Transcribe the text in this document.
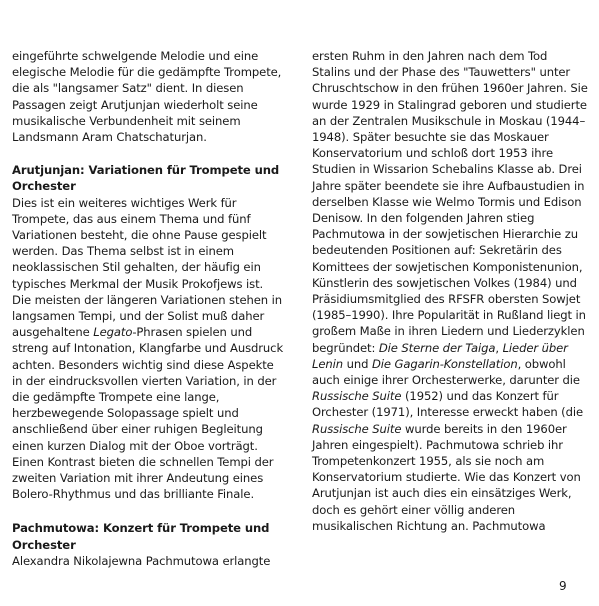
eingeführte schwelgende Melodie und eine elegische Melodie für die gedämpfte Trompete, die als "langsamer Satz" dient. In diesen Passagen zeigt Arutjunjan wiederholt seine musikalische Verbundenheit mit seinem Landsmann Aram Chatschaturjan.

Arutjunjan: Variationen für Trompete und Orchester

Dies ist ein weiteres wichtiges Werk für Trompete, das aus einem Thema und fünf Variationen besteht, die ohne Pause gespielt werden. Das Thema selbst ist in einem neoklassischen Stil gehalten, der häufig ein typisches Merkmal der Musik Prokofjews ist. Die meisten der längeren Variationen stehen in langsamen Tempi, und der Solist muß daher ausgehaltene Legato-Phrasen spielen und streng auf Intonation, Klangfarbe und Ausdruck achten. Besonders wichtig sind diese Aspekte in der eindrucksvollen vierten Variation, in der die gedämpfte Trompete eine lange, herzbewegende Solopassage spielt und anschließend über einer ruhigen Begleitung einen kurzen Dialog mit der Oboe vorträgt. Einen Kontrast bieten die schnellen Tempi der zweiten Variation mit ihrer Andeutung eines Bolero-Rhythmus und das brilliante Finale.

Pachmutowa: Konzert für Trompete und Orchester

Alexandra Nikolajewna Pachmutowa erlangte

ersten Ruhm in den Jahren nach dem Tod Stalins und der Phase des "Tauwetters" unter Chruschtschow in den frühen 1960er Jahren. Sie wurde 1929 in Stalingrad geboren und studierte an der Zentralen Musikschule in Moskau (1944–1948). Später besuchte sie das Moskauer Konservatorium und schloß dort 1953 ihre Studien in Wissarion Schebalins Klasse ab. Drei Jahre später beendete sie ihre Aufbaustudien in derselben Klasse wie Welmo Tormis und Edison Denisow. In den folgenden Jahren stieg Pachmutowa in der sowjetischen Hierarchie zu bedeutenden Positionen auf: Sekretärin des Komittees der sowjetischen Komponistenunion, Künstlerin des sowjetischen Volkes (1984) und Präsidiumsmitglied des RFSFR obersten Sowjet (1985–1990). Ihre Popularität in Rußland liegt in großem Maße in ihren Liedern und Liederzyklen begründet: Die Sterne der Taiga, Lieder über Lenin und Die Gagarin-Konstellation, obwohl auch einige ihrer Orchesterwerke, darunter die Russische Suite (1952) und das Konzert für Orchester (1971), Interesse erweckt haben (die Russische Suite wurde bereits in den 1960er Jahren eingespielt). Pachmutowa schrieb ihr Trompetenkonzert 1955, als sie noch am Konservatorium studierte. Wie das Konzert von Arutjunjan ist auch dies ein einsätziges Werk, doch es gehört einer völlig anderen musikalischen Richtung an. Pachmutowa

9
